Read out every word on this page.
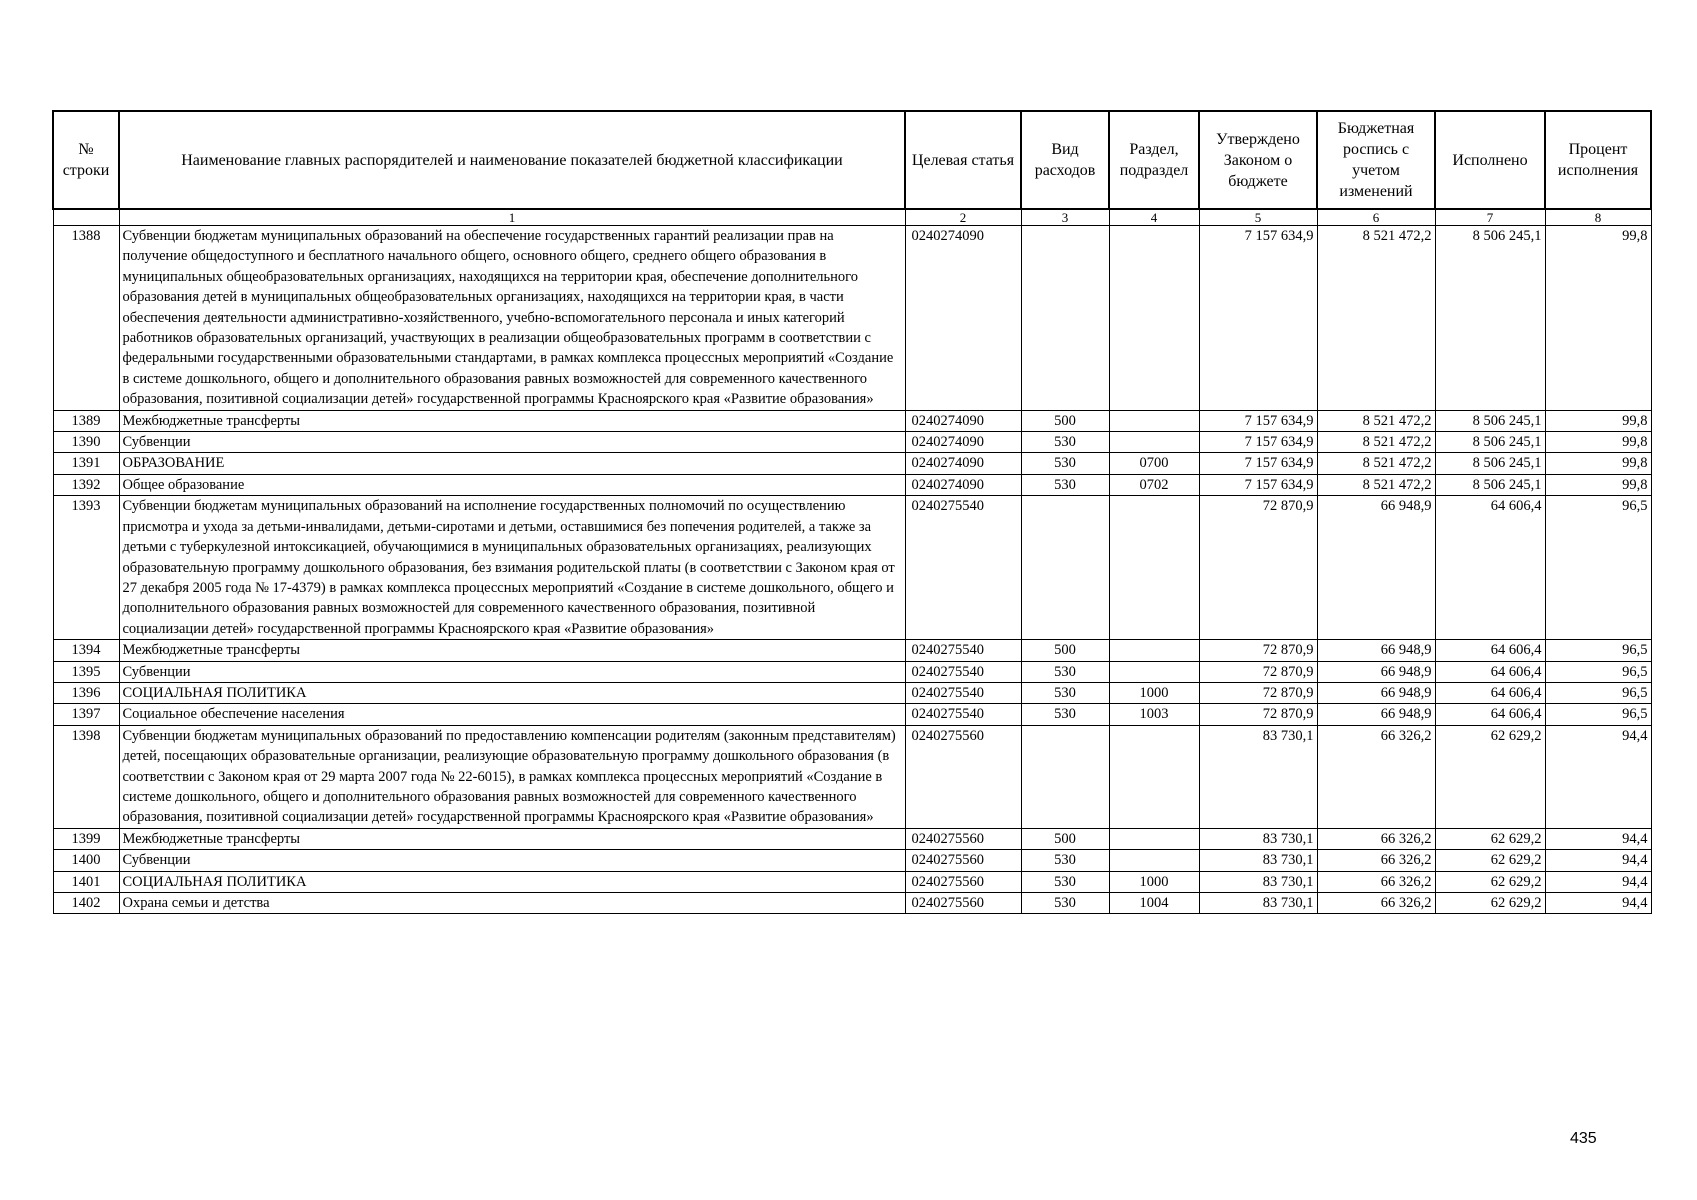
№ строки	Наименование главных распорядителей и наименование показателей бюджетной классификации	Целевая статья	Вид расходов	Раздел, подраздел	Утверждено Законом о бюджете	Бюджетная роспись с учетом изменений	Исполнено	Процент исполнения
	1	2	3	4	5	6	7	8
1388	Субвенции бюджетам муниципальных образований на обеспечение государственных гарантий реализации прав на получение общедоступного и бесплатного начального общего, основного общего, среднего общего образования в муниципальных общеобразовательных организациях, находящихся на территории края, обеспечение дополнительного образования детей в муниципальных общеобразовательных организациях, находящихся на территории края, в части обеспечения деятельности административно-хозяйственного, учебно-вспомогательного персонала и иных категорий работников образовательных организаций, участвующих в реализации общеобразовательных программ в соответствии с федеральными государственными образовательными стандартами, в рамках комплекса процессных мероприятий «Создание в системе дошкольного, общего и дополнительного образования равных возможностей для современного качественного образования, позитивной социализации детей» государственной программы Красноярского края «Развитие образования»	0240274090			7 157 634,9	8 521 472,2	8 506 245,1	99,8
1389	Межбюджетные трансферты	0240274090	500		7 157 634,9	8 521 472,2	8 506 245,1	99,8
1390	Субвенции	0240274090	530		7 157 634,9	8 521 472,2	8 506 245,1	99,8
1391	ОБРАЗОВАНИЕ	0240274090	530	0700	7 157 634,9	8 521 472,2	8 506 245,1	99,8
1392	Общее образование	0240274090	530	0702	7 157 634,9	8 521 472,2	8 506 245,1	99,8
1393	Субвенции бюджетам муниципальных образований на исполнение государственных полномочий по осуществлению присмотра и ухода за детьми-инвалидами, детьми-сиротами и детьми, оставшимися без попечения родителей, а также за детьми с туберкулезной интоксикацией, обучающимися в муниципальных образовательных организациях, реализующих образовательную программу дошкольного образования, без взимания родительской платы (в соответствии с Законом края от 27 декабря 2005 года № 17-4379) в рамках комплекса процессных мероприятий «Создание в системе дошкольного, общего и дополнительного образования равных возможностей для современного качественного образования, позитивной социализации детей» государственной программы Красноярского края «Развитие образования»	0240275540			72 870,9	66 948,9	64 606,4	96,5
1394	Межбюджетные трансферты	0240275540	500		72 870,9	66 948,9	64 606,4	96,5
1395	Субвенции	0240275540	530		72 870,9	66 948,9	64 606,4	96,5
1396	СОЦИАЛЬНАЯ ПОЛИТИКА	0240275540	530	1000	72 870,9	66 948,9	64 606,4	96,5
1397	Социальное обеспечение населения	0240275540	530	1003	72 870,9	66 948,9	64 606,4	96,5
1398	Субвенции бюджетам муниципальных образований по предоставлению компенсации родителям (законным представителям) детей, посещающих образовательные организации, реализующие образовательную программу дошкольного образования (в соответствии с Законом края от 29 марта 2007 года № 22-6015), в рамках комплекса процессных мероприятий «Создание в системе дошкольного, общего и дополнительного образования равных возможностей для современного качественного образования, позитивной социализации детей» государственной программы Красноярского края «Развитие образования»	0240275560			83 730,1	66 326,2	62 629,2	94,4
1399	Межбюджетные трансферты	0240275560	500		83 730,1	66 326,2	62 629,2	94,4
1400	Субвенции	0240275560	530		83 730,1	66 326,2	62 629,2	94,4
1401	СОЦИАЛЬНАЯ ПОЛИТИКА	0240275560	530	1000	83 730,1	66 326,2	62 629,2	94,4
1402	Охрана семьи и детства	0240275560	530	1004	83 730,1	66 326,2	62 629,2	94,4
435
